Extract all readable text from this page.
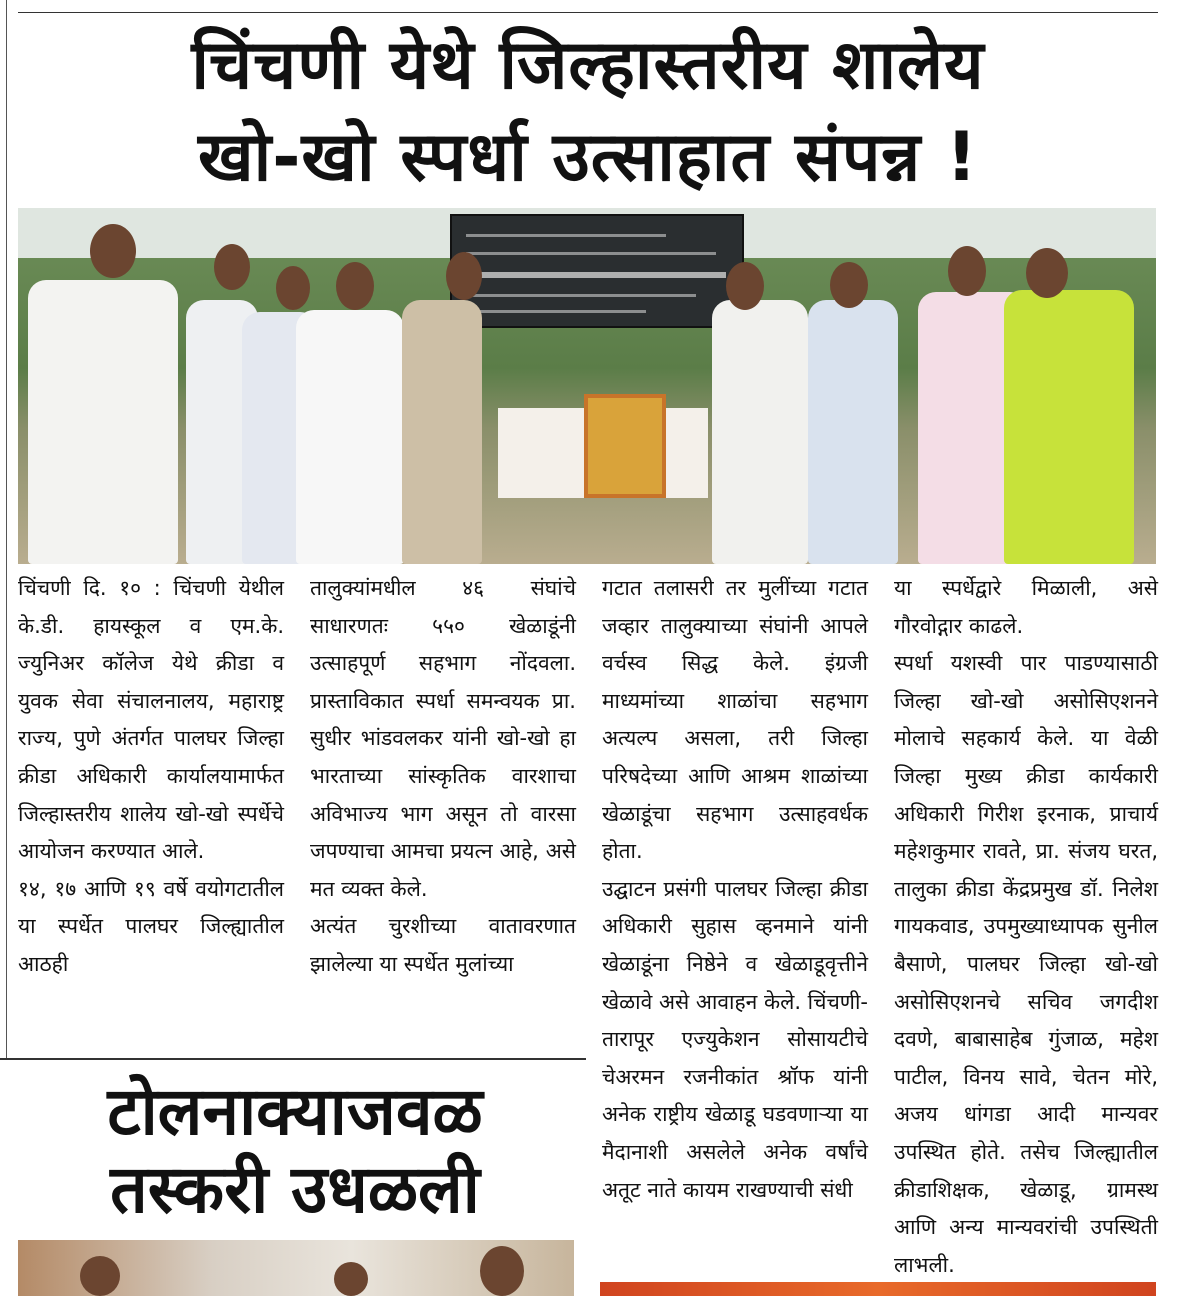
चिंचणी येथे जिल्हास्तरीय शालेय
खो-खो स्पर्धा उत्साहात संपन्न !

चिंचणी दि. १० : चिंचणी येथील के.डी. हायस्कूल व एम.के. ज्युनिअर कॉलेज येथे क्रीडा व युवक सेवा संचालनालय, महाराष्ट्र राज्य, पुणे अंतर्गत पालघर जिल्हा क्रीडा अधिकारी कार्यालयामार्फत जिल्हास्तरीय शालेय खो-खो स्पर्धेचे आयोजन करण्यात आले.

१४, १७ आणि १९ वर्षे वयोगटातील या स्पर्धेत पालघर जिल्ह्यातील आठही

तालुक्यांमधील ४६ संघांचे साधारणतः ५५० खेळाडूंनी उत्साहपूर्ण सहभाग नोंदवला. प्रास्ताविकात स्पर्धा समन्वयक प्रा. सुधीर भांडवलकर यांनी खो-खो हा भारताच्या सांस्कृतिक वारशाचा अविभाज्य भाग असून तो वारसा जपण्याचा आमचा प्रयत्न आहे, असे मत व्यक्त केले.

अत्यंत चुरशीच्या वातावरणात झालेल्या या स्पर्धेत मुलांच्या

गटात तलासरी तर मुलींच्या गटात जव्हार तालुक्याच्या संघांनी आपले वर्चस्व सिद्ध केले. इंग्रजी माध्यमांच्या शाळांचा सहभाग अत्यल्प असला, तरी जिल्हा परिषदेच्या आणि आश्रम शाळांच्या खेळाडूंचा सहभाग उत्साहवर्धक होता.

उद्घाटन प्रसंगी पालघर जिल्हा क्रीडा अधिकारी सुहास व्हनमाने यांनी खेळाडूंना निष्ठेने व खेळाडूवृत्तीने खेळावे असे आवाहन केले. चिंचणी-तारापूर एज्युकेशन सोसायटीचे चेअरमन रजनीकांत श्रॉफ यांनी अनेक राष्ट्रीय खेळाडू घडवणाऱ्या या मैदानाशी असलेले अनेक वर्षांचे अतूट नाते कायम राखण्याची संधी

या स्पर्धेद्वारे मिळाली, असे गौरवोद्गार काढले.

स्पर्धा यशस्वी पार पाडण्यासाठी जिल्हा खो-खो असोसिएशनने मोलाचे सहकार्य केले. या वेळी जिल्हा मुख्य क्रीडा कार्यकारी अधिकारी गिरीश इरनाक, प्राचार्य महेशकुमार रावते, प्रा. संजय घरत, तालुका क्रीडा केंद्रप्रमुख डॉ. निलेश गायकवाड, उपमुख्याध्यापक सुनील बैसाणे, पालघर जिल्हा खो-खो असोसिएशनचे सचिव जगदीश दवणे, बाबासाहेब गुंजाळ, महेश पाटील, विनय सावे, चेतन मोरे, अजय धांगडा आदी मान्यवर उपस्थित होते. तसेच जिल्ह्यातील क्रीडाशिक्षक, खेळाडू, ग्रामस्थ आणि अन्य मान्यवरांची उपस्थिती लाभली.

टोलनाक्याजवळ
तस्करी उधळली
